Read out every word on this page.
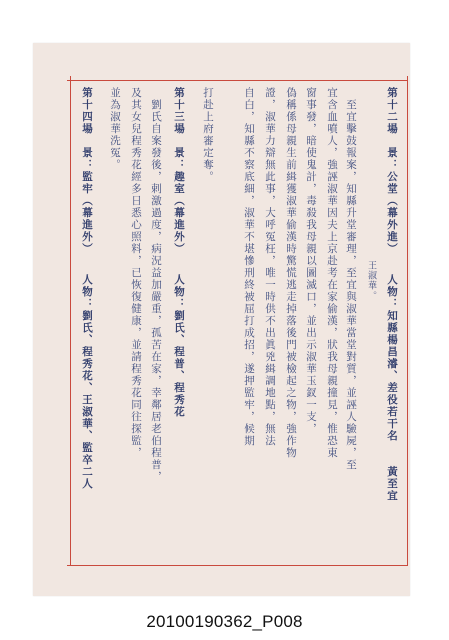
第十二場　景：公堂（幕外進）　　人物：知縣楊昌濬、差役若干名　　黃至宜
　　　　　　　　　　　　　　　　　王淑華。
　至宜擊鼓報案，知縣升堂審理，至宜與淑華當堂對質，並誣人驗屍，至
宜含血噴人，強誣淑華因夫上京赴考在家偷漢，狀我母親撞見，惟恐東
窗事發，暗使鬼計，毒殺我母親以圖滅口，並出示淑華玉釵一支，
偽稱係母親生前緝獲淑華偷漢時驚慌逃走掉落後門被檢起之物，強作物
證，淑華力辯無此事，大呼冤枉，唯一時供不出眞兇緝調地點，無法
自白，知縣不察底細，淑華不堪慘刑終被屈打成招，遂押監牢，候期
打赴上府審定奪。
第十三場　景：趣室（幕進外）　　人物：劉氏、程普、程秀花
　劉氏自案發後，剌激過度，病況益加嚴重，孤苦在家，幸鄰居老伯程普，
及其女兒程秀花經多日悉心照料，已恢復健康，並請程秀花同往探監，
並為淑華洗冤。
第十四場　景：監牢（幕進外）　　人物：劉氏、程秀花、王淑華、監卒二人
20100190362_P008
